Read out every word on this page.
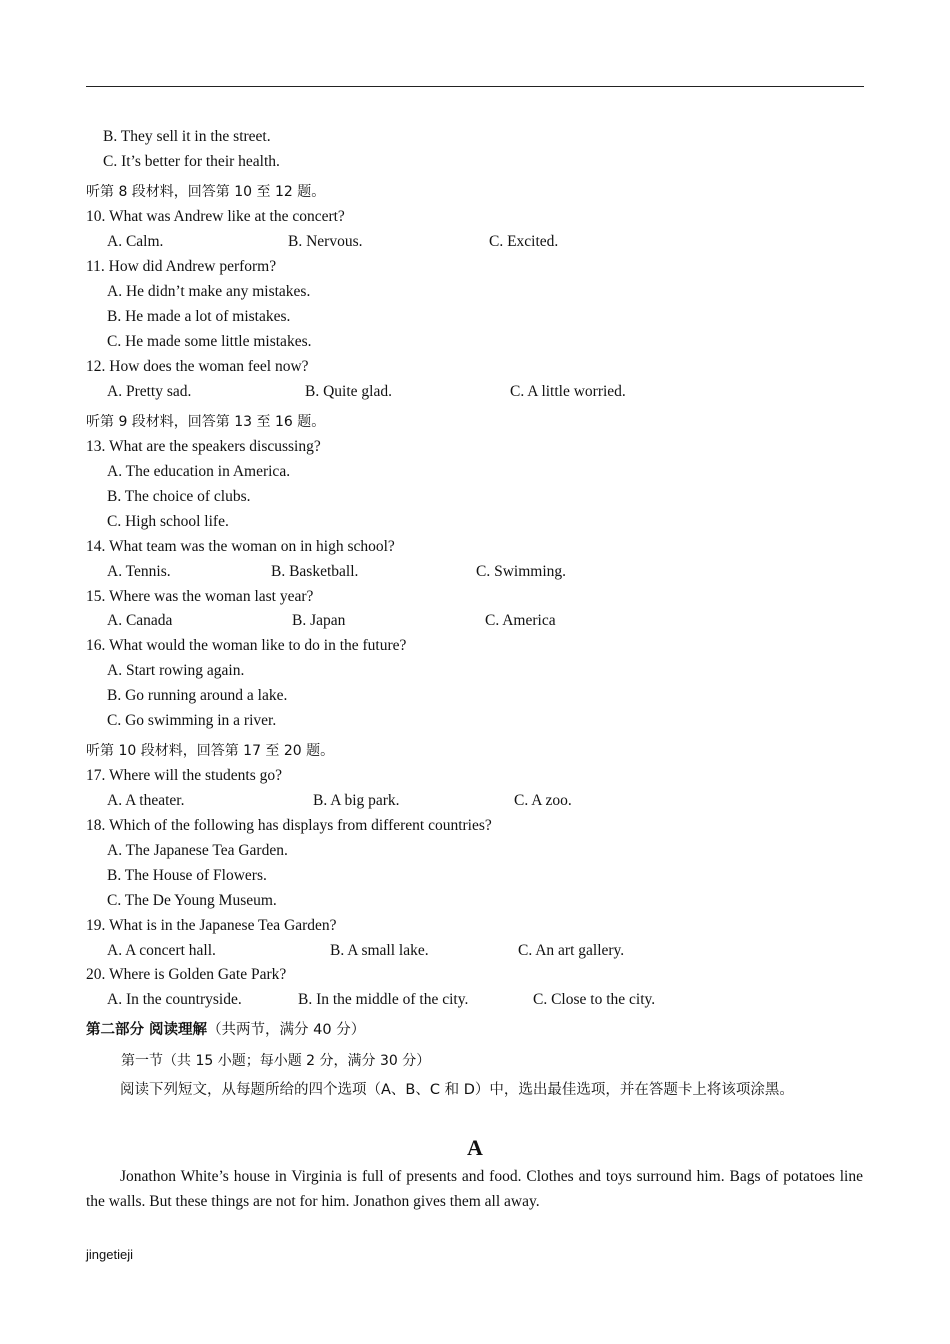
B. They sell it in the street.
C. It’s better for their health.
听第 8 段材料，回答第 10 至 12 题。
10. What was Andrew like at the concert?
A. Calm.	B. Nervous.	C. Excited.
11. How did Andrew perform?
A. He didn’t make any mistakes.
B. He made a lot of mistakes.
C. He made some little mistakes.
12. How does the woman feel now?
A. Pretty sad.	B. Quite glad.	C. A little worried.
听第 9 段材料，回答第 13 至 16 题。
13. What are the speakers discussing?
A. The education in America.
B. The choice of clubs.
C. High school life.
14. What team was the woman on in high school?
A. Tennis.	B. Basketball.	C. Swimming.
15. Where was the woman last year?
A. Canada	B. Japan	C. America
16. What would the woman like to do in the future?
A. Start rowing again.
B. Go running around a lake.
C. Go swimming in a river.
听第 10 段材料，回答第 17 至 20 题。
17. Where will the students go?
A. A theater.	B. A big park.	C. A zoo.
18. Which of the following has displays from different countries?
A. The Japanese Tea Garden.
B. The House of Flowers.
C. The De Young Museum.
19. What is in the Japanese Tea Garden?
A. A concert hall.	B. A small lake.	C. An art gallery.
20. Where is Golden Gate Park?
A. In the countryside.	B. In the middle of the city.	C. Close to the city.
第二部分 阅读理解（共两节，满分 40 分）
第一节（共 15 小题；每小题 2 分，满分 30 分）
阅读下列短文，从每题所给的四个选项（A、B、C 和 D）中，选出最佳选项，并在答题卡上将该项涂黑。
A
Jonathon White’s house in Virginia is full of presents and food. Clothes and toys surround him. Bags of potatoes line the walls. But these things are not for him. Jonathon gives them all away.
jingetieji
